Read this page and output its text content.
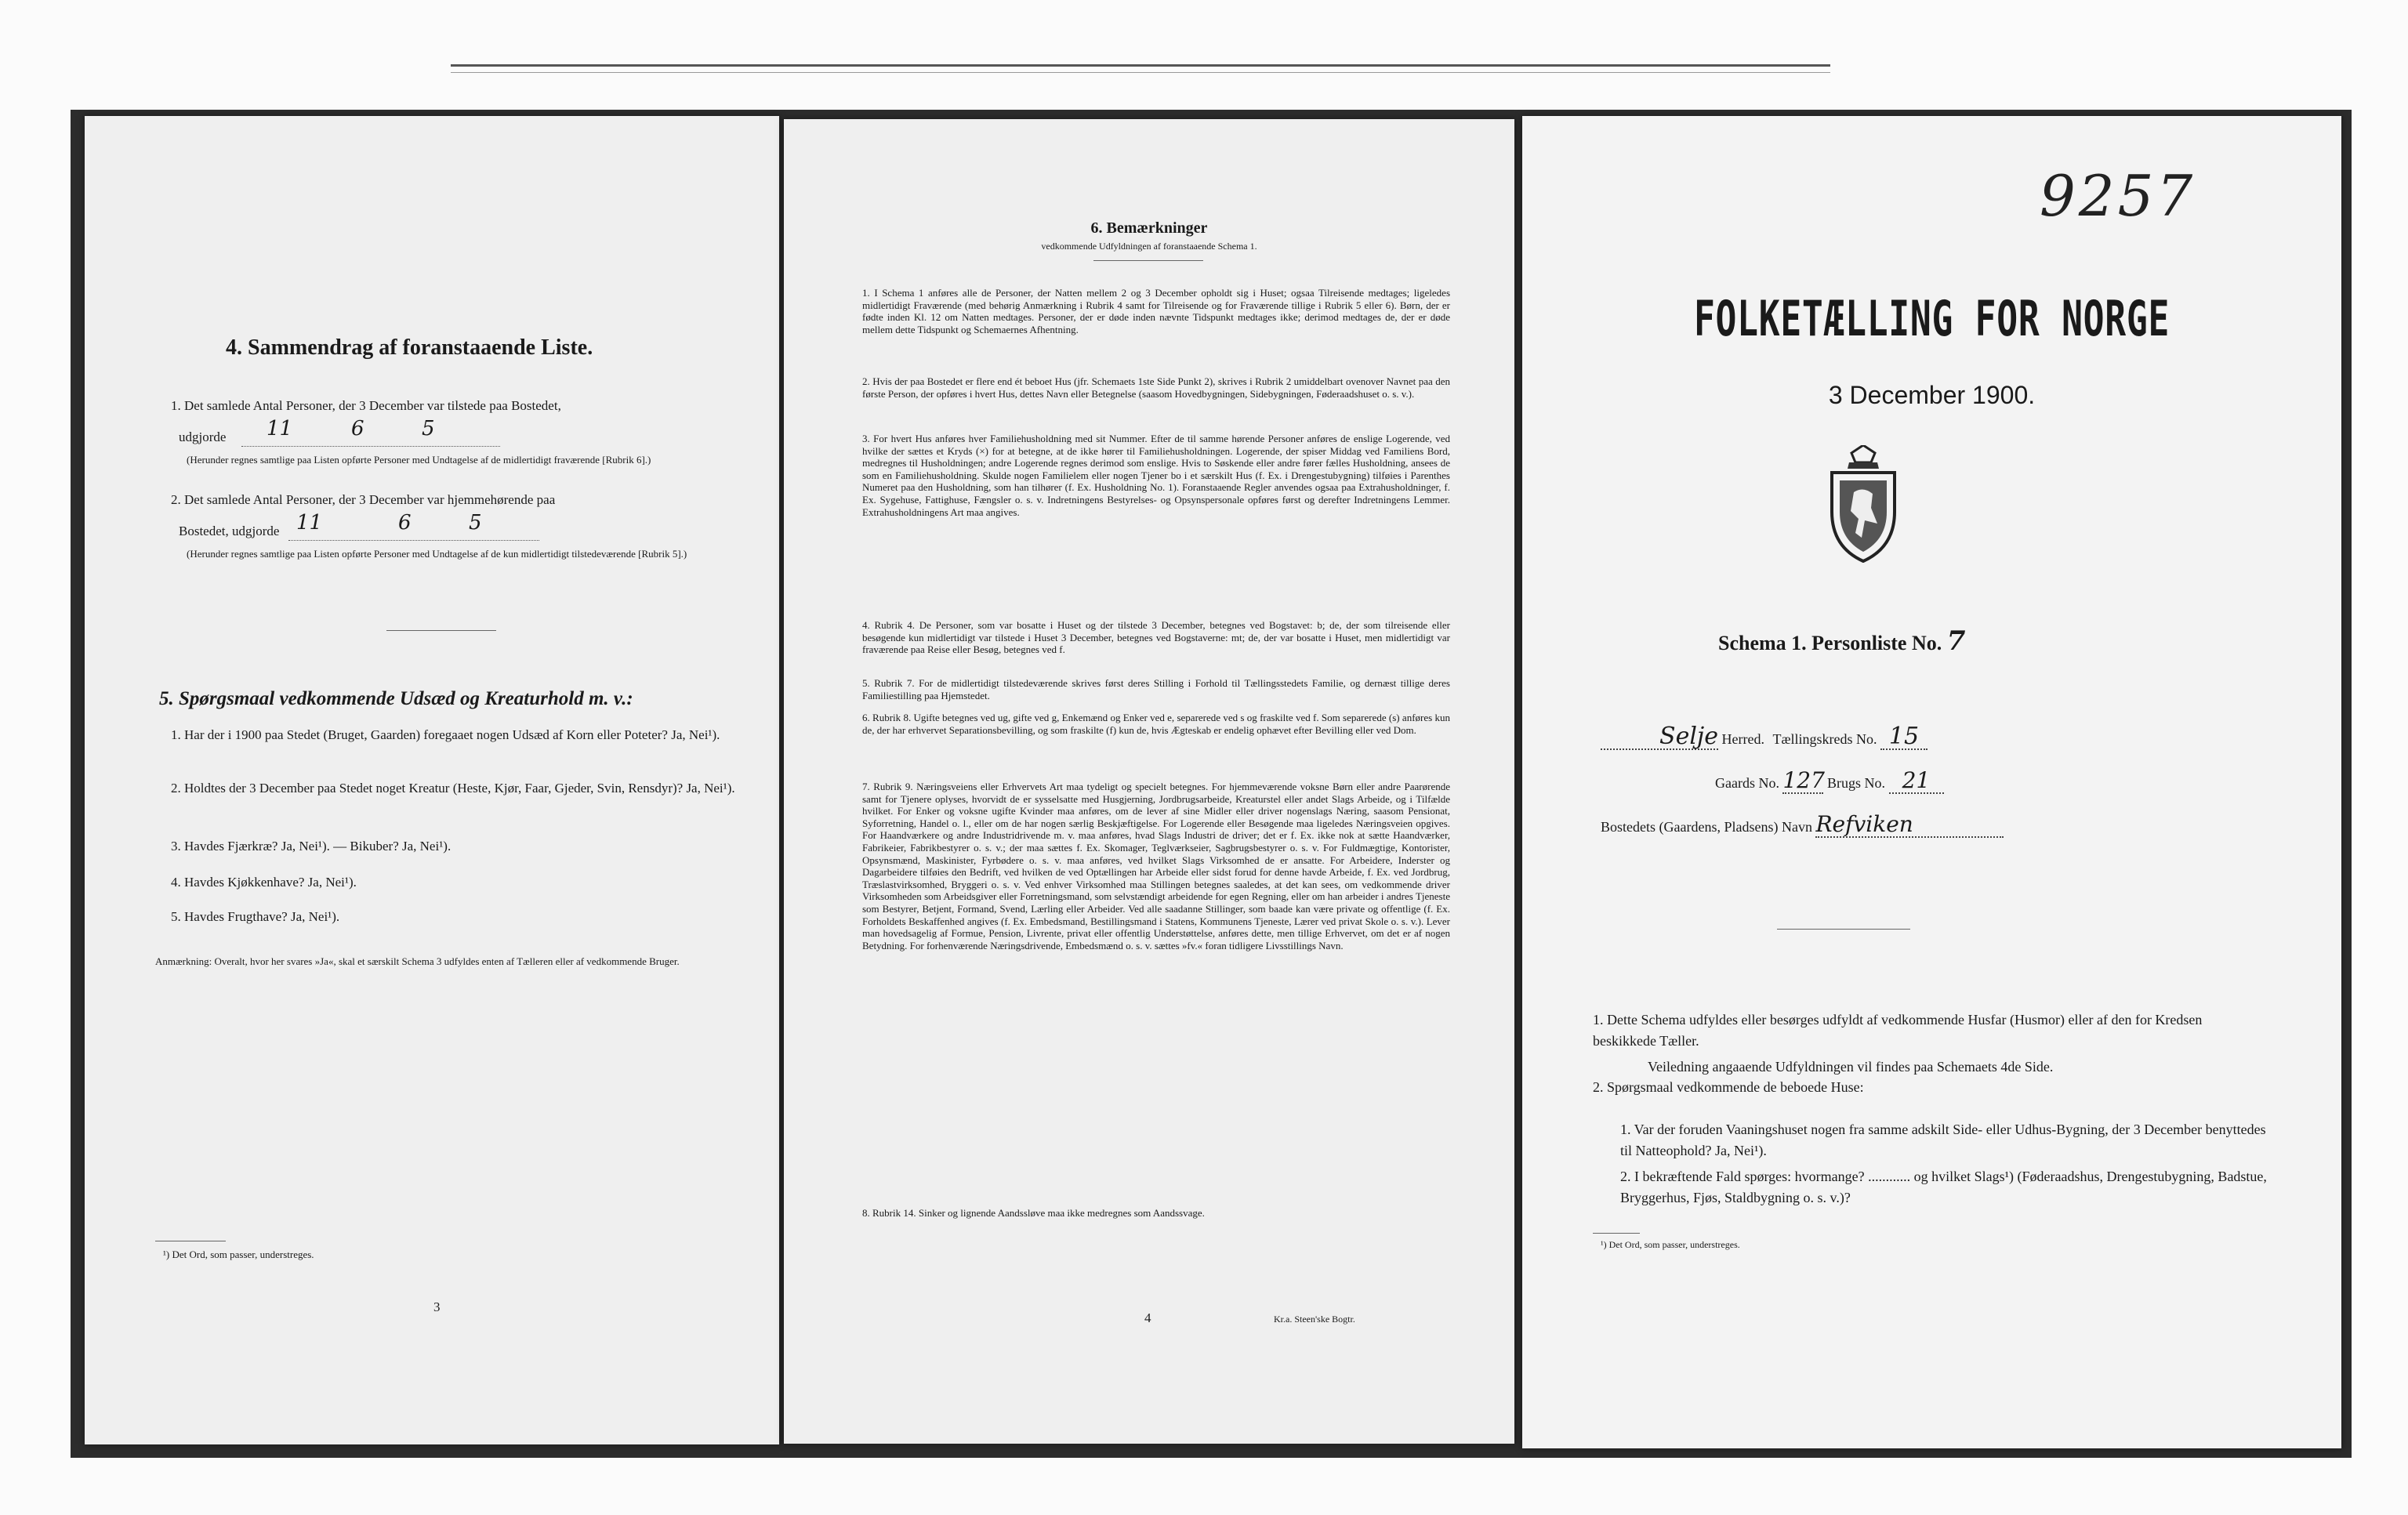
4. Sammendrag af foranstaaende Liste.
1. Det samlede Antal Personer, der 3 December var tilstede paa Bostedet,
udgjorde 11	6	5
(Herunder regnes samtlige paa Listen opførte Personer med Undtagelse af de midlertidigt fraværende [Rubrik 6].)
2. Det samlede Antal Personer, der 3 December var hjemmehørende paa
Bostedet, udgjorde 11	6	5
(Herunder regnes samtlige paa Listen opførte Personer med Undtagelse af de kun midlertidigt tilstedeværende [Rubrik 5].)
5. Spørgsmaal vedkommende Udsæd og Kreaturhold m. v.:
1. Har der i 1900 paa Stedet (Bruget, Gaarden) foregaaet nogen Udsæd af Korn eller Poteter? Ja, Nei¹).
2. Holdtes der 3 December paa Stedet noget Kreatur (Heste, Kjør, Faar, Gjeder, Svin, Rensdyr)? Ja, Nei¹).
3. Havdes Fjærkræ? Ja, Nei¹). — Bikuber? Ja, Nei¹).
4. Havdes Kjøkkenhave? Ja, Nei¹).
5. Havdes Frugthave? Ja, Nei¹).
Anmærkning: Overalt, hvor her svares »Ja«, skal et særskilt Schema 3 udfyldes enten af Tælleren eller af vedkommende Bruger.
¹) Det Ord, som passer, understreges.
3
6. Bemærkninger
vedkommende Udfyldningen af foranstaaende Schema 1.
1. I Schema 1 anføres alle de Personer, der Natten mellem 2 og 3 December opholdt sig i Huset; ogsaa Tilreisende medtages; ligeledes midlertidigt Fraværende (med behørig Anmærkning i Rubrik 4 samt for Tilreisende og for Fraværende tillige i Rubrik 5 eller 6). Børn, der er fødte inden Kl. 12 om Natten medtages. Personer, der er døde inden nævnte Tidspunkt medtages ikke; derimod medtages de, der er døde mellem dette Tidspunkt og Schemaernes Afhentning.
2. Hvis der paa Bostedet er flere end ét beboet Hus (jfr. Schemaets 1ste Side Punkt 2), skrives i Rubrik 2 umiddelbart ovenover Navnet paa den første Person, der opføres i hvert Hus, dettes Navn eller Betegnelse (saasom Hovedbygningen, Sidebygningen, Føderaadshuset o. s. v.).
3. For hvert Hus anføres hver Familiehusholdning med sit Nummer. Efter de til samme hørende Personer anføres de enslige Logerende, ved hvilke der sættes et Kryds (×) for at betegne, at de ikke hører til Familiehusholdningen. Logerende, der spiser Middag ved Familiens Bord, medregnes til Husholdningen; andre Logerende regnes derimod som enslige. Hvis to Søskende eller andre fører fælles Husholdning, ansees de som en Familiehusholdning. Skulde nogen Familielem eller nogen Tjener bo i et særskilt Hus (f. Ex. i Drengestubygning) tilføies i Parenthes Numeret paa den Husholdning, som han tilhører (f. Ex. Husholdning No. 1). Foranstaaende Regler anvendes ogsaa paa Extrahusholdninger, f. Ex. Sygehuse, Fattighuse, Fængsler o. s. v. Indretningens Bestyrelses- og Opsynspersonale opføres først og derefter Indretningens Lemmer. Extrahusholdningens Art maa angives.
4. Rubrik 4. De Personer, som var bosatte i Huset og der tilstede 3 December, betegnes ved Bogstavet: b; de, der som tilreisende eller besøgende kun midlertidigt var tilstede i Huset 3 December, betegnes ved Bogstaverne: mt; de, der var bosatte i Huset, men midlertidigt var fraværende paa Reise eller Besøg, betegnes ved f.
5. Rubrik 7. For de midlertidigt tilstedeværende skrives først deres Stilling i Forhold til Tællingsstedets Familie, og dernæst tillige deres Familiestilling paa Hjemstedet.
6. Rubrik 8. Ugifte betegnes ved ug, gifte ved g, Enkemænd og Enker ved e, separerede ved s og fraskilte ved f. Som separerede (s) anføres kun de, der har erhvervet Separationsbevilling, og som fraskilte (f) kun de, hvis Ægteskab er endelig ophævet efter Bevilling eller ved Dom.
7. Rubrik 9. Næringsveiens eller Erhvervets Art maa tydeligt og specielt betegnes. For hjemmeværende voksne Børn eller andre Paarørende samt for Tjenere oplyses, hvorvidt de er sysselsatte med Husgjerning, Jordbrugsarbeide, Kreaturstel eller andet Slags Arbeide, og i Tilfælde hvilket. For Enker og voksne ugifte Kvinder maa anføres, om de lever af sine Midler eller driver nogenslags Næring, saasom Pensionat, Syforretning, Handel o. l., eller om de har nogen særlig Beskjæftigelse. For Logerende eller Besøgende maa ligeledes Næringsveien opgives. For Haandværkere og andre Industridrivende m. v. maa anføres, hvad Slags Industri de driver; det er f. Ex. ikke nok at sætte Haandværker, Fabrikeier, Fabrikbestyrer o. s. v.; der maa sættes f. Ex. Skomager, Teglværkseier, Sagbrugsbestyrer o. s. v. For Fuldmægtige, Kontorister, Opsynsmænd, Maskinister, Fyrbødere o. s. v. maa anføres, ved hvilket Slags Virksomhed de er ansatte. For Arbeidere, Inderster og Dagarbeidere tilføies den Bedrift, ved hvilken de ved Optællingen har Arbeide eller sidst forud for denne havde Arbeide, f. Ex. ved Jordbrug, Træslastvirksomhed, Bryggeri o. s. v. Ved enhver Virksomhed maa Stillingen betegnes saaledes, at det kan sees, om vedkommende driver Virksomheden som Arbeidsgiver eller Forretningsmand, som selvstændigt arbeidende for egen Regning, eller om han arbeider i andres Tjeneste som Bestyrer, Betjent, Formand, Svend, Lærling eller Arbeider. Ved alle saadanne Stillinger, som baade kan være private og offentlige (f. Ex. Forholdets Beskaffenhed angives (f. Ex. Embedsmand, Bestillingsmand i Statens, Kommunens Tjeneste, Lærer ved privat Skole o. s. v.). Lever man hovedsagelig af Formue, Pension, Livrente, privat eller offentlig Understøttelse, anføres dette, men tillige Erhvervet, om det er af nogen Betydning. For forhenværende Næringsdrivende, Embedsmænd o. s. v. sættes »fv.« foran tidligere Livsstillings Navn.
8. Rubrik 14. Sinker og lignende Aandssløve maa ikke medregnes som Aandssvage.
4	Kr.a. Steen'ske Bogtr.
9257
FOLKETÆLLING FOR NORGE
3 December 1900.
Schema 1. Personliste No. 7
Selje Herred. Tællingskreds No. 15
Gaards No. 127 Brugs No. 21
Bostedets (Gaardens, Pladsens) Navn Refviken
1. Dette Schema udfyldes eller besørges udfyldt af vedkommende Husfar (Husmor) eller af den for Kredsen beskikkede Tæller.
Veiledning angaaende Udfyldningen vil findes paa Schemaets 4de Side.
2. Spørgsmaal vedkommende de beboede Huse:
1. Var der foruden Vaaningshuset nogen fra samme adskilt Side- eller Udhus-Bygning, der 3 December benyttedes til Natteophold? Ja, Nei¹).
2. I bekræftende Fald spørges: hvormange? ............ og hvilket Slags¹) (Føderaadshus, Drengestubygning, Badstue, Bryggerhus, Fjøs, Staldbygning o. s. v.)?
¹) Det Ord, som passer, understreges.
